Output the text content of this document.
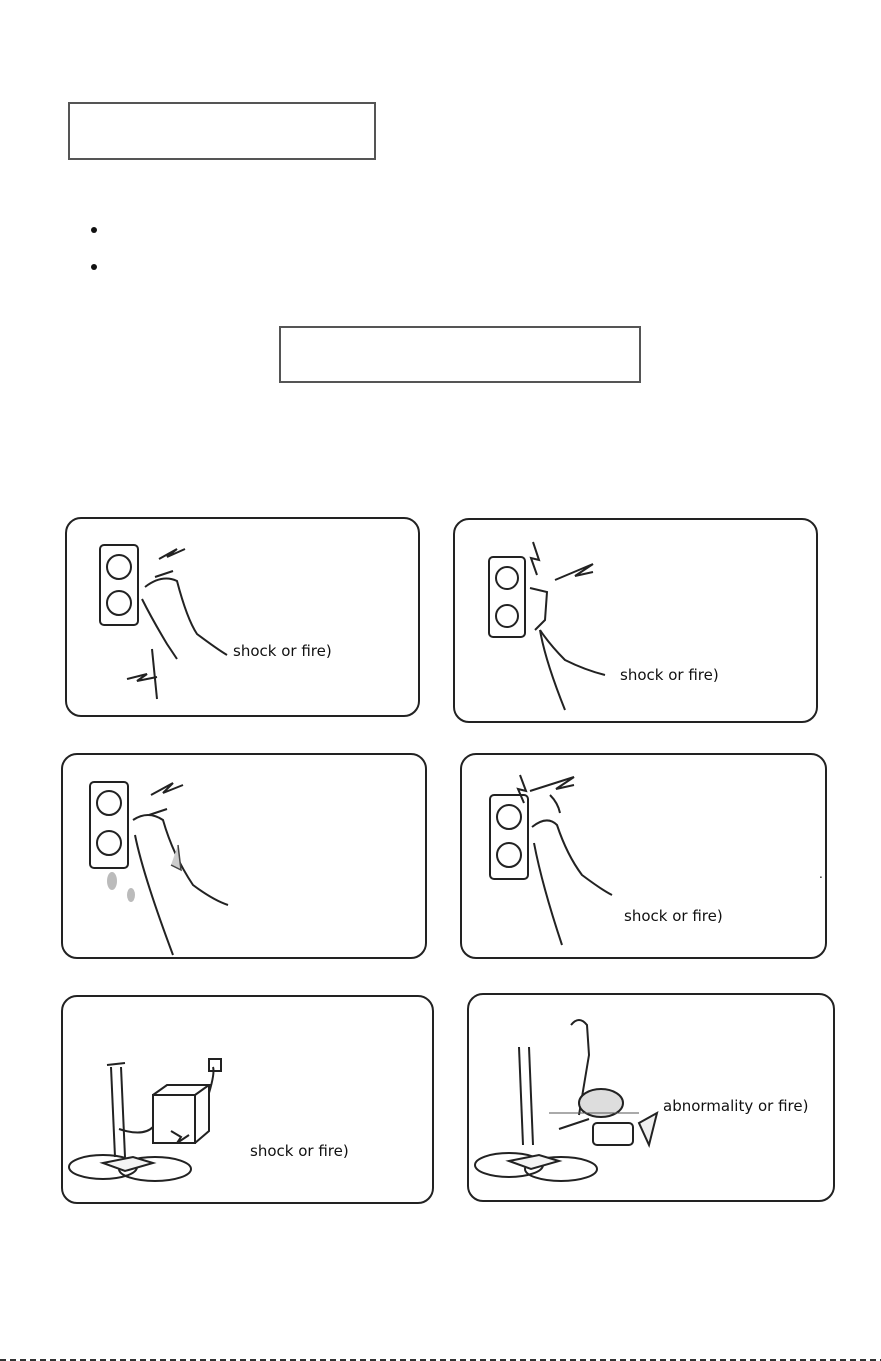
shock or fire)
shock or fire)
shock or fire)
.
shock or fire)
abnormality or fire)
